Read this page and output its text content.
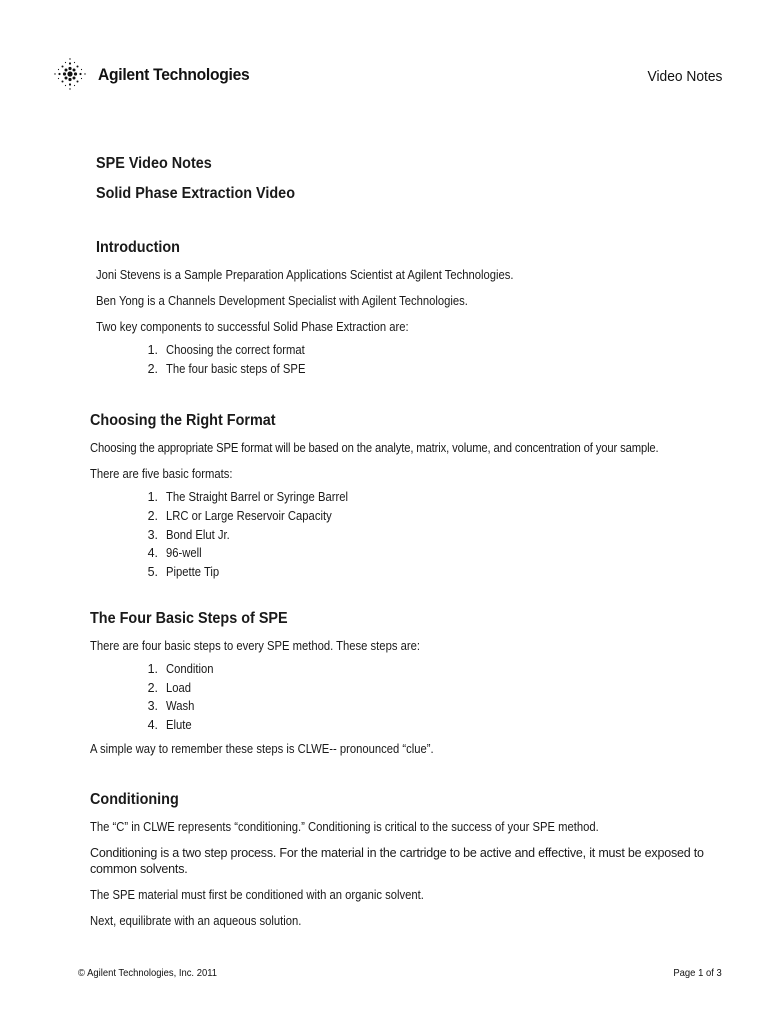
Agilent Technologies	Video Notes
SPE Video Notes
Solid Phase Extraction Video
Introduction
Joni Stevens is a Sample Preparation Applications Scientist at Agilent Technologies.
Ben Yong is a Channels Development Specialist with Agilent Technologies.
Two key components to successful Solid Phase Extraction are:
1. Choosing the correct format
2. The four basic steps of SPE
Choosing the Right Format
Choosing the appropriate SPE format will be based on the analyte, matrix, volume, and concentration of your sample.
There are five basic formats:
1. The Straight Barrel or Syringe Barrel
2. LRC or Large Reservoir Capacity
3. Bond Elut Jr.
4. 96-well
5. Pipette Tip
The Four Basic Steps of SPE
There are four basic steps to every SPE method. These steps are:
1. Condition
2. Load
3. Wash
4. Elute
A simple way to remember these steps is CLWE-- pronounced “clue”.
Conditioning
The “C” in CLWE represents “conditioning.” Conditioning is critical to the success of your SPE method.
Conditioning is a two step process. For the material in the cartridge to be active and effective, it must be exposed to common solvents.
The SPE material must first be conditioned with an organic solvent.
Next, equilibrate with an aqueous solution.
© Agilent Technologies, Inc. 2011	Page 1 of 3
